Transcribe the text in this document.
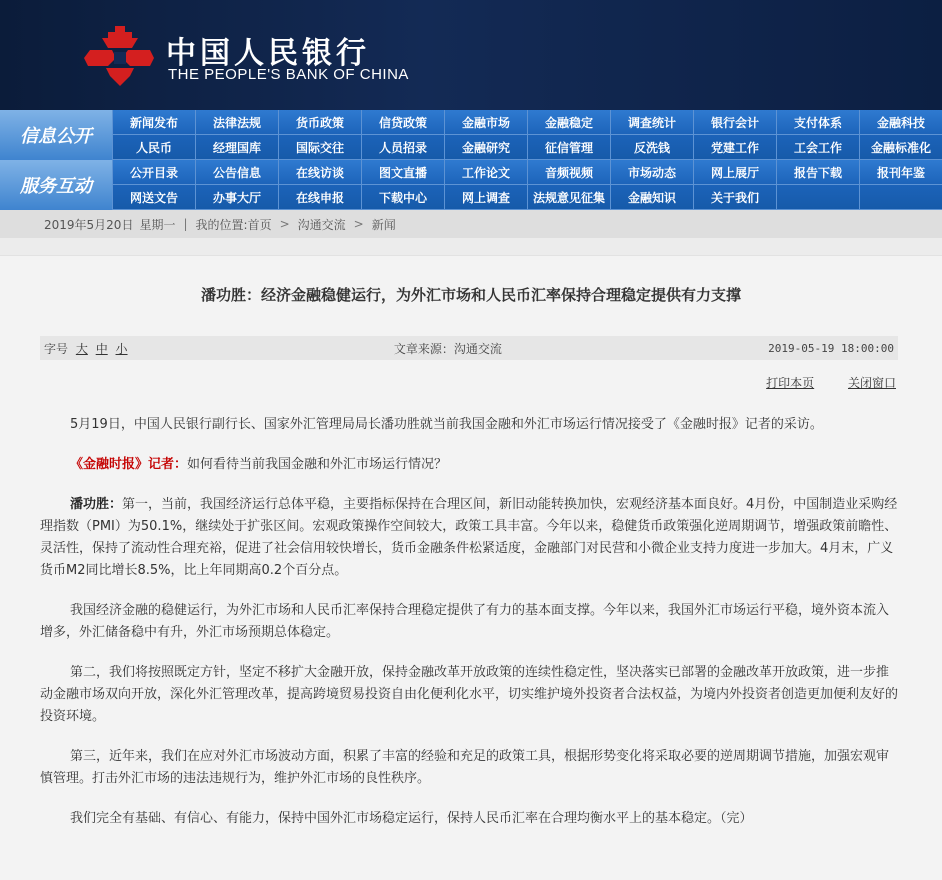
中国人民银行
THE PEOPLE'S BANK OF CHINA
信息公开
服务互动
新闻发布	法律法规	货币政策	信贷政策	金融市场	金融稳定	调查统计	银行会计	支付体系	金融科技
人民币	经理国库	国际交往	人员招录	金融研究	征信管理	反洗钱	党建工作	工会工作	金融标准化
公开目录	公告信息	在线访谈	图文直播	工作论文	音频视频	市场动态	网上展厅	报告下载	报刊年鉴
网送文告	办事大厅	在线申报	下载中心	网上调查	法规意见征集	金融知识	关于我们
2019年5月20日 星期一 | 我的位置: 首页 > 沟通交流 > 新闻
潘功胜：经济金融稳健运行，为外汇市场和人民币汇率保持合理稳定提供有力支撑
字号 大 中 小	文章来源：沟通交流	2019-05-19 18:00:00
打印本页	关闭窗口

5月19日，中国人民银行副行长、国家外汇管理局局长潘功胜就当前我国金融和外汇市场运行情况接受了《金融时报》记者的采访。

《金融时报》记者：如何看待当前我国金融和外汇市场运行情况？

潘功胜：第一，当前，我国经济运行总体平稳，主要指标保持在合理区间，新旧动能转换加快，宏观经济基本面良好。4月份，中国制造业采购经理指数（PMI）为50.1%，继续处于扩张区间。宏观政策操作空间较大，政策工具丰富。今年以来，稳健货币政策强化逆周期调节，增强政策前瞻性、灵活性，保持了流动性合理充裕，促进了社会信用较快增长，货币金融条件松紧适度，金融部门对民营和小微企业支持力度进一步加大。4月末，广义货币M2同比增长8.5%，比上年同期高0.2个百分点。

我国经济金融的稳健运行，为外汇市场和人民币汇率保持合理稳定提供了有力的基本面支撑。今年以来，我国外汇市场运行平稳，境外资本流入增多，外汇储备稳中有升，外汇市场预期总体稳定。

第二，我们将按照既定方针，坚定不移扩大金融开放，保持金融改革开放政策的连续性稳定性，坚决落实已部署的金融改革开放政策，进一步推动金融市场双向开放，深化外汇管理改革，提高跨境贸易投资自由化便利化水平，切实维护境外投资者合法权益，为境内外投资者创造更加便利友好的投资环境。

第三，近年来，我们在应对外汇市场波动方面，积累了丰富的经验和充足的政策工具，根据形势变化将采取必要的逆周期调节措施，加强宏观审慎管理。打击外汇市场的违法违规行为，维护外汇市场的良性秩序。

我们完全有基础、有信心、有能力，保持中国外汇市场稳定运行，保持人民币汇率在合理均衡水平上的基本稳定。（完）
